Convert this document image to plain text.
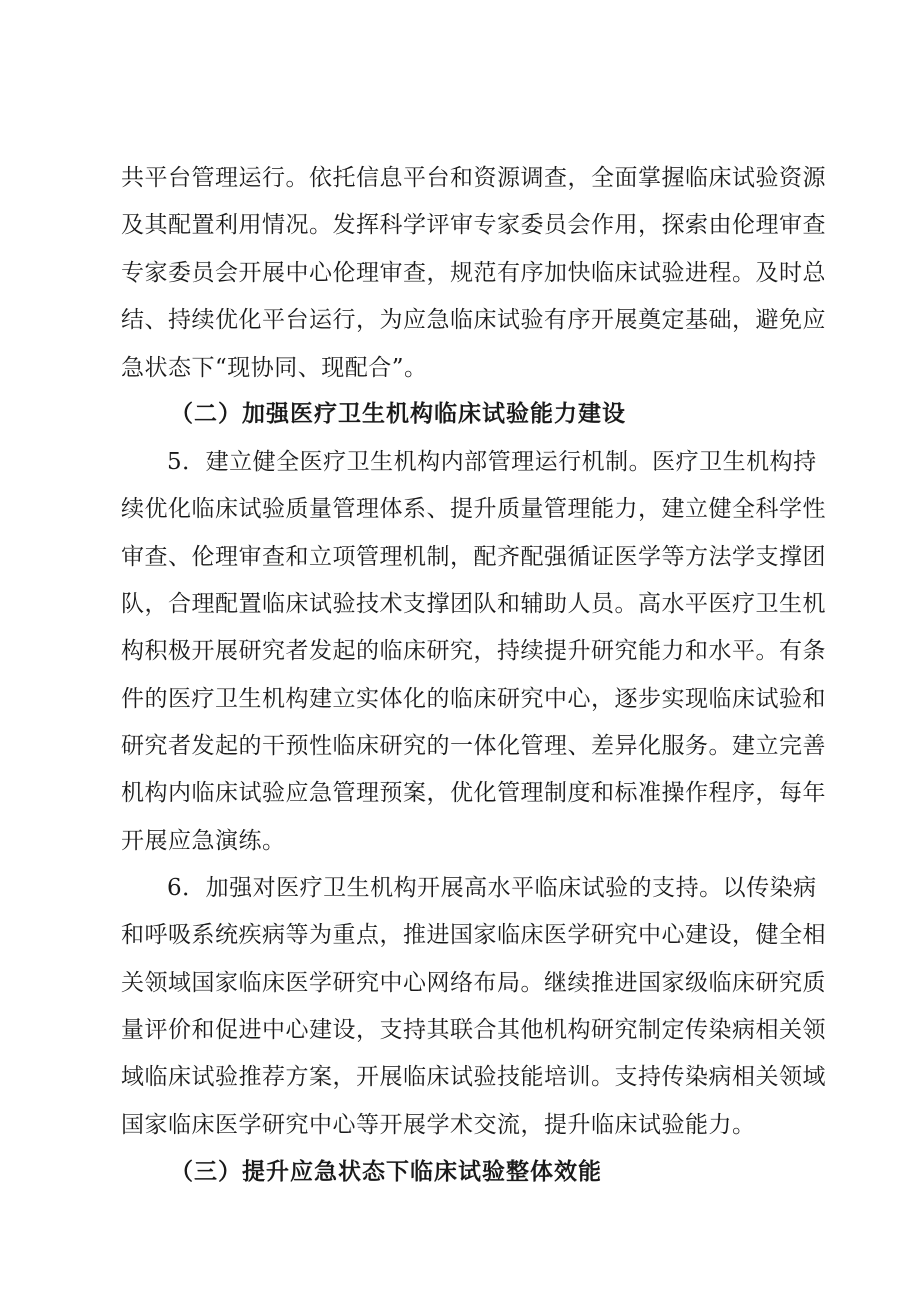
共平台管理运行。依托信息平台和资源调查，全面掌握临床试验资源
及其配置利用情况。发挥科学评审专家委员会作用，探索由伦理审查
专家委员会开展中心伦理审查，规范有序加快临床试验进程。及时总
结、持续优化平台运行，为应急临床试验有序开展奠定基础，避免应
急状态下“现协同、现配合”。
（二）加强医疗卫生机构临床试验能力建设
5．建立健全医疗卫生机构内部管理运行机制。医疗卫生机构持
续优化临床试验质量管理体系、提升质量管理能力，建立健全科学性
审查、伦理审查和立项管理机制，配齐配强循证医学等方法学支撑团
队，合理配置临床试验技术支撑团队和辅助人员。高水平医疗卫生机
构积极开展研究者发起的临床研究，持续提升研究能力和水平。有条
件的医疗卫生机构建立实体化的临床研究中心，逐步实现临床试验和
研究者发起的干预性临床研究的一体化管理、差异化服务。建立完善
机构内临床试验应急管理预案，优化管理制度和标准操作程序，每年
开展应急演练。
6．加强对医疗卫生机构开展高水平临床试验的支持。以传染病
和呼吸系统疾病等为重点，推进国家临床医学研究中心建设，健全相
关领域国家临床医学研究中心网络布局。继续推进国家级临床研究质
量评价和促进中心建设，支持其联合其他机构研究制定传染病相关领
域临床试验推荐方案，开展临床试验技能培训。支持传染病相关领域
国家临床医学研究中心等开展学术交流，提升临床试验能力。
（三）提升应急状态下临床试验整体效能
